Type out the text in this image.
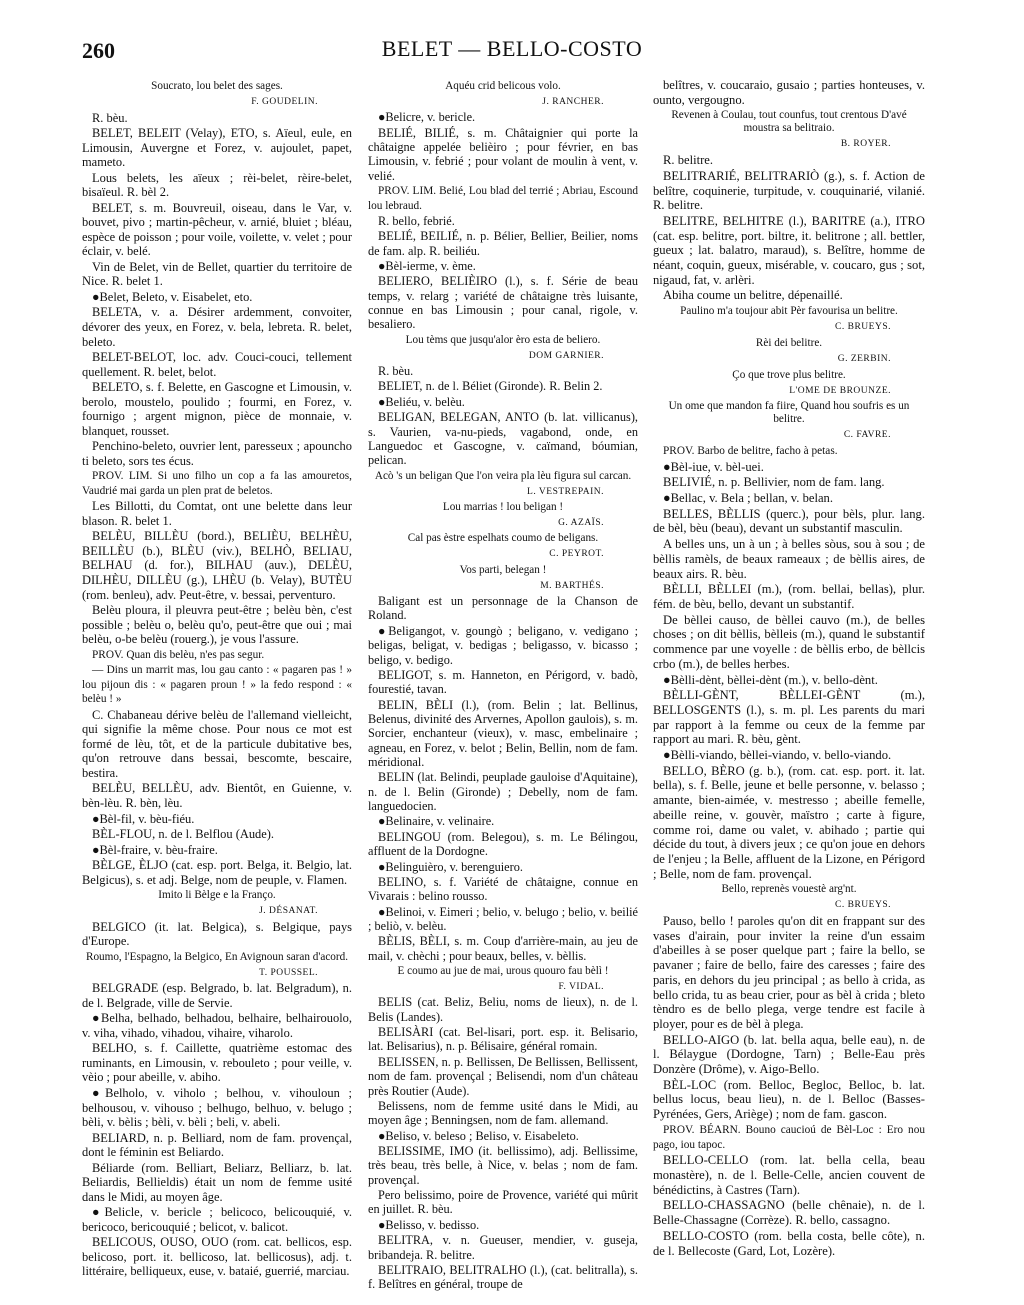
260	BELET — BELLO-COSTO
Soucrato, lou belet des sages.
F. GOUDELIN.
R. bèu.
BELET, BELEIT (Velay), ETO, s. Aïeul, eule, en Limousin, Auvergne et Forez, v. aujoulet, papet, mameto.
Lous belets, les aïeux ; rèi-belet, rèire-belet, bisaïeul. R. bèl 2.
BELET, s. m. Bouvreuil, oiseau, dans le Var, v. bouvet, pivo ; martin-pêcheur, v. arnié, bluiet ; bléau, espèce de poisson ; pour voile, voilette, v. velet ; pour éclair, v. belé.
Vin de Belet, vin de Bellet, quartier du territoire de Nice. R. belet 1.
●Belet, Beleto, v. Eisabelet, eto.
BELETA, v. a. Désirer ardemment, convoiter, dévorer des yeux, en Forez, v. bela, lebreta. R. belet, beleto.
BELET-BELOT, loc. adv. Couci-couci, tellement quellement. R. belet, belot.
BELETO, s. f. Belette, en Gascogne et Limousin, v. berolo, moustelo, poulido ; fourmi, en Forez, v. fournigo ; argent mignon, pièce de monnaie, v. blanquet, rousset.
Penchino-beleto, ouvrier lent, paresseux ; apouncho ti beleto, sors tes écus.
PROV. LIM. Si uno filho un cop a fa las amouretos, Vaudrié mai garda un plen prat de beletos.
Les Billotti, du Comtat, ont une belette dans leur blason. R. belet 1.
BELÈU, BILLÈU (bord.), BELIÈU, BELHÈU, BEILLÈU (b.), BLÈU (viv.), BELHÒ, BELIAU, BELHAU (d. for.), BILHAU (auv.), DELÈU, DILHÈU, DILLÈU (g.), LHÈU (b. Velay), BUTÈU (rom. benleu), adv. Peut-être, v. bessai, perventuro.
Belèu ploura, il pleuvra peut-être ; belèu bèn, c'est possible ; belèu o, belèu qu'o, peut-être que oui ; mai belèu, o-be belèu (rouerg.), je vous l'assure.
PROV. Quan dis belèu, n'es pas segur.
— Dins un marrit mas, lou gau canto : « pagaren pas ! » lou pijoun dis : « pagaren proun ! » la fedo respond : « belèu ! »
C. Chabaneau dérive belèu de l'allemand vielleicht, qui signifie la même chose. Pour nous ce mot est formé de lèu, tôt, et de la particule dubitative bes, qu'on retrouve dans bessai, bescomte, bescaire, bestira.
BELÈU, BELLÈU, adv. Bientôt, en Guienne, v. bèn-lèu. R. bèn, lèu.
●Bèl-fil, v. bèu-fiéu.
BÈL-FLOU, n. de l. Belflou (Aude).
●Bèl-fraire, v. bèu-fraire.
BÈLGE, ÈLJO (cat. esp. port. Belga, it. Belgio, lat. Belgicus), s. et adj. Belge, nom de peuple, v. Flamen.
Imito li Bèlge e la Franço.
J. DÉSANAT.
BELGICO (it. lat. Belgica), s. Belgique, pays d'Europe.
Roumo, l'Espagno, la Belgico, En Avignoun saran d'acord.
T. POUSSEL.
BELGRADE (esp. Belgrado, b. lat. Belgradum), n. de l. Belgrade, ville de Servie.
●Belha, belhado, belhadou, belhaire, belhairouolo, v. viha, vihado, vihadou, vihaire, viharolo.
BELHO, s. f. Caillette, quatrième estomac des ruminants, en Limousin, v. rebouleto ; pour veille, v. vèio ; pour abeille, v. abiho.
●Belholo, v. viholo ; belhou, v. vihouloun ; belhousou, v. vihouso ; belhugo, belhuo, v. belugo ; bèli, v. bèlis ; bèli, v. bèli ; beli, v. abeli.
BELIARD, n. p. Belliard, nom de fam. provençal, dont le féminin est Beliardo.
Béliarde (rom. Belliart, Beliarz, Belliarz, b. lat. Beliardis, Bellieldis) était un nom de femme usité dans le Midi, au moyen âge.
●Belicle, v. bericle ; belicoco, belicouquié, v. bericoco, bericouquié ; belicot, v. balicot.
BELICOUS, OUSO, OUO (rom. cat. bellicos, esp. belicoso, port. it. bellicoso, lat. bellicosus), adj. t. littéraire, belliqueux, euse, v. bataié, guerrié, marciau.
Aquéu crid belicous volo.
J. RANCHER.
●Belicre, v. bericle.
BELIÉ, BILIÉ, s. m. Châtaignier qui porte la châtaigne appelée belièiro ; pour février, en bas Limousin, v. febrié ; pour volant de moulin à vent, v. velié.
PROV. LIM. Belié, Lou blad del terrié ; Abriau, Escound lou lebraud.
R. bello, febrié.
BELIÉ, BEILIÉ, n. p. Bélier, Bellier, Beilier, noms de fam. alp. R. beiliéu.
●Bèl-ierme, v. ème.
BELIERO, BELIÈIRO (l.), s. f. Série de beau temps, v. relarg ; variété de châtaigne très luisante, connue en bas Limousin ; pour canal, rigole, v. besaliero.
Lou tèms que jusqu'alor èro esta de beliero.
DOM GARNIER.
R. bèu.
BELIET, n. de l. Béliet (Gironde). R. Belin 2.
●Beliéu, v. belèu.
BELIGAN, BELEGAN, ANTO (b. lat. villicanus), s. Vaurien, va-nu-pieds, vagabond, onde, en Languedoc et Gascogne, v. caïmand, bóumian, pelican.
Acò 's un beligan Que l'on veira pla lèu figura sul carcan.
L. VESTREPAIN.
Lou marrias ! lou beligan !
G. AZAÏS.
Cal pas èstre espelhats coumo de beligans.
C. PEYROT.
Vos parti, belegan !
M. BARTHÉS.
Baligant est un personnage de la Chanson de Roland.
●Beligangot, v. goungò ; beligano, v. vedigano ; beligas, beligat, v. bedigas ; beligasso, v. bicasso ; beligo, v. bedigo.
BELIGOT, s. m. Hanneton, en Périgord, v. badò, fourestié, tavan.
BELIN, BÈLI (l.), (rom. Belin ; lat. Bellinus, Belenus, divinité des Arvernes, Apollon gaulois), s. m. Sorcier, enchanteur (vieux), v. masc, embelinaire ; agneau, en Forez, v. belot ; Belin, Bellin, nom de fam. méridional.
BELIN (lat. Belindi, peuplade gauloise d'Aquitaine), n. de l. Belin (Gironde) ; Debelly, nom de fam. languedocien.
●Belinaire, v. velinaire.
BELINGOU (rom. Belegou), s. m. Le Bélingou, affluent de la Dordogne.
●Belinguièro, v. berenguiero.
BELINO, s. f. Variété de châtaigne, connue en Vivarais : belino rousso.
●Belinoi, v. Eimeri ; belio, v. belugo ; belio, v. beilié ; beliò, v. belèu.
BÈLIS, BÈLI, s. m. Coup d'arrière-main, au jeu de mail, v. chèchi ; pour beaux, belles, v. bèllis.
E coumo au jue de mai, urous quouro fau bèlì !
F. VIDAL.
BELIS (cat. Beliz, Beliu, noms de lieux), n. de l. Belis (Landes).
BELISÀRI (cat. Bel-lisari, port. esp. it. Belisario, lat. Belisarius), n. p. Bélisaire, général romain.
BELISSEN, n. p. Bellissen, De Bellissen, Bellissent, nom de fam. provençal ; Belisendi, nom d'un château près Routier (Aude).
Belissens, nom de femme usité dans le Midi, au moyen âge ; Benningsen, nom de fam. allemand.
●Beliso, v. beleso ; Beliso, v. Eisabeleto.
BELISSIME, IMO (it. bellissimo), adj. Bellissime, très beau, très belle, à Nice, v. belas ; nom de fam. provençal.
Pero belissimo, poire de Provence, variété qui mûrit en juillet. R. bèu.
●Belisso, v. bedisso.
BELITRA, v. n. Gueuser, mendier, v. guseja, bribandeja. R. belitre.
BELITRAIO, BELITRALHO (l.), (cat. belitralla), s. f. Belîtres en général, troupe de
belîtres, v. coucaraio, gusaio ; parties honteuses, v. ounto, vergougno.
Revenen à Coulau, tout counfus, tout crentous D'avé moustra sa belitraio.
B. ROYER.
R. belitre.
BELITRARIÉ, BELITRARIÒ (g.), s. f. Action de belître, coquinerie, turpitude, v. couquinarié, vilanié. R. belitre.
BELITRE, BELHITRE (l.), BARITRE (a.), ITRO (cat. esp. belitre, port. biltre, it. belitrone ; all. bettler, gueux ; lat. balatro, maraud), s. Belître, homme de néant, coquin, gueux, misérable, v. coucaro, gus ; sot, nigaud, fat, v. arlèri.
Abiha coume un belitre, dépenaillé.
Paulino m'a toujour abit Pèr favourisa un belitre.
C. BRUEYS.
Rèi dei belitre.
G. ZERBIN.
Ço que trove plus belitre.
L'OME DE BROUNZE.
Un ome que mandon fa fiire, Quand hou soufris es un belitre.
C. FAVRE.
PROV. Barbo de belitre, facho à petas.
●Bèl-iue, v. bèl-uei.
BELIVIÉ, n. p. Bellivier, nom de fam. lang.
●Bellac, v. Bela ; bellan, v. belan.
BELLES, BÈLLIS (querc.), pour bèls, plur. lang. de bèl, bèu (beau), devant un substantif masculin.
A belles uns, un à un ; à belles sòus, sou à sou ; de bèllis ramèls, de beaux rameaux ; de bèllis aires, de beaux airs. R. bèu.
BÈLLI, BÈLLEI (m.), (rom. bellai, bellas), plur. fém. de bèu, bello, devant un substantif.
De bèllei causo, de bèllei cauvo (m.), de belles choses ; on dit bèllis, bèlleis (m.), quand le substantif commence par une voyelle : de bèllis erbo, de bèllcis crbo (m.), de belles herbes.
●Bèlli-dènt, bèllei-dènt (m.), v. bello-dènt.
BÈLLI-GÈNT, BÈLLEI-GÈNT (m.), BELLOSGENTS (l.), s. m. pl. Les parents du mari par rapport à la femme ou ceux de la femme par rapport au mari. R. bèu, gènt.
●Bèlli-viando, bèllei-viando, v. bello-viando.
BELLO, BÈRO (g. b.), (rom. cat. esp. port. it. lat. bella), s. f. Belle, jeune et belle personne, v. belasso ; amante, bien-aimée, v. mestresso ; abeille femelle, abeille reine, v. gouvèr, maïstro ; carte à figure, comme roi, dame ou valet, v. abihado ; partie qui décide du tout, à divers jeux ; ce qu'on joue en dehors de l'enjeu ; la Belle, affluent de la Lizone, en Périgord ; Belle, nom de fam. provençal.
Bello, reprenès vouestè arg'nt.
C. BRUEYS.
Pauso, bello ! paroles qu'on dit en frappant sur des vases d'airain, pour inviter la reine d'un essaim d'abeilles à se poser quelque part ; faire la bello, se pavaner ; faire de bello, faire des caresses ; faire des paris, en dehors du jeu principal ; as bello à crida, as bello crida, tu as beau crier, pour as bèl à crida ; bleto tèndro es de bello plega, verge tendre est facile à ployer, pour es de bèl à plega.
BELLO-AIGO (b. lat. bella aqua, belle eau), n. de l. Bélaygue (Dordogne, Tarn) ; Belle-Eau près Donzère (Drôme), v. Aigo-Bello.
BÈL-LOC (rom. Belloc, Begloc, Belloc, b. lat. bellus locus, beau lieu), n. de l. Belloc (Basses-Pyrénées, Gers, Ariège) ; nom de fam. gascon.
PROV. BÉARN. Bouno caucioú de Bèl-Loc : Ero nou pago, iou tapoc.
BELLO-CELLO (rom. lat. bella cella, beau monastère), n. de l. Belle-Celle, ancien couvent de bénédictins, à Castres (Tarn).
BELLO-CHASSAGNO (belle chênaie), n. de l. Belle-Chassagne (Corrèze). R. bello, cassagno.
BELLO-COSTO (rom. bella costa, belle côte), n. de l. Bellecoste (Gard, Lot, Lozère).
